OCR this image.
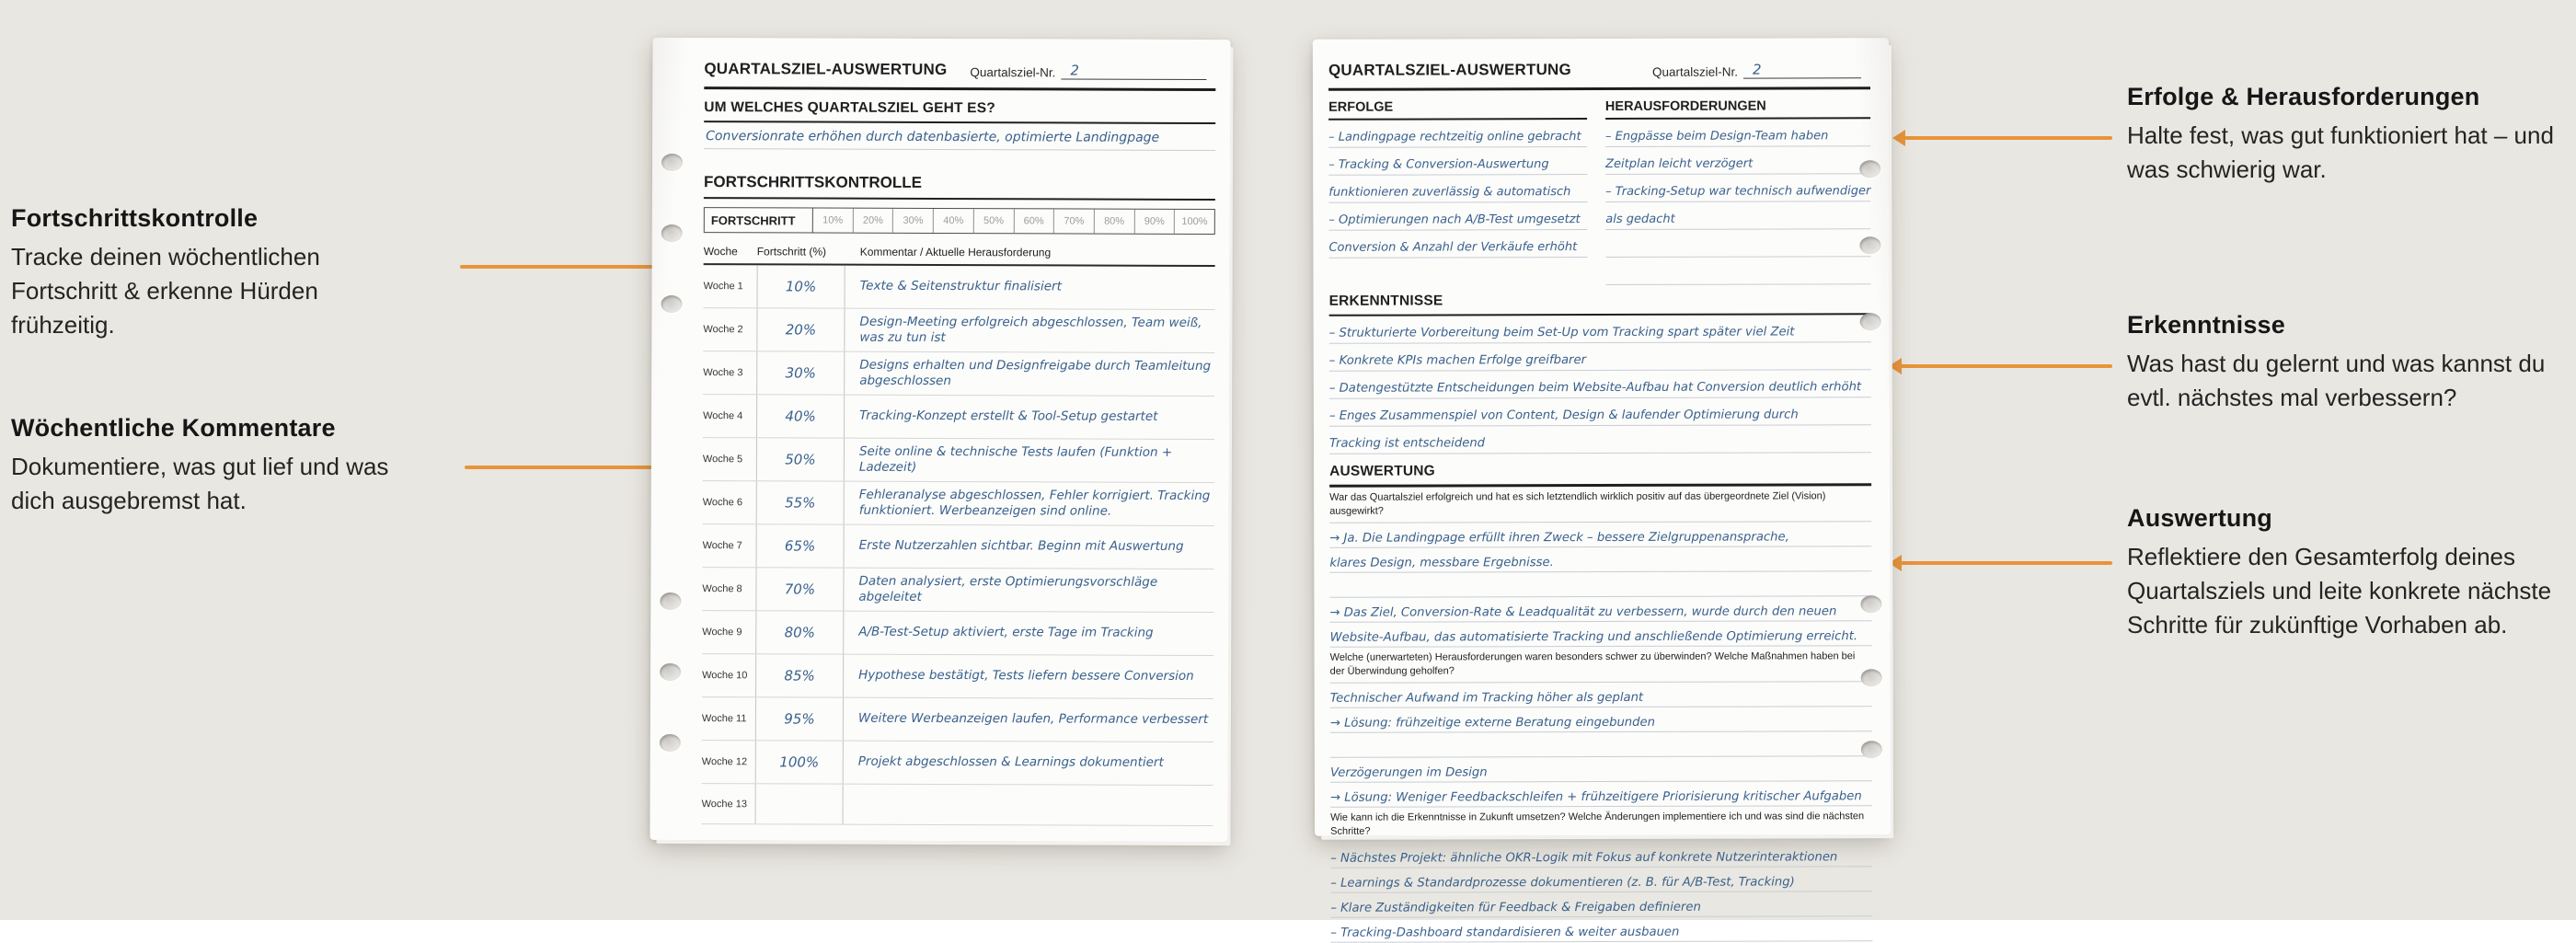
Fortschrittskontrolle

Tracke deinen wöchentlichen Fortschritt & erkenne Hürden frühzeitig.

Wöchentliche Kommentare

Dokumentiere, was gut lief und was dich ausgebremst hat.

Erfolge & Herausforderungen

Halte fest, was gut funktioniert hat – und was schwierig war.

Erkenntnisse

Was hast du gelernt und was kannst du evtl. nächstes mal verbessern?

Auswertung

Reflektiere den Gesamterfolg deines Quartalsziels und leite konkrete nächste Schritte für zukünftige Vorhaben ab.

QUARTALSZIEL-AUSWERTUNG Quartalsziel-Nr.	2
UM WELCHES QUARTALSZIEL GEHT ES?
Conversionrate erhöhen durch datenbasierte, optimierte Landingpage
FORTSCHRITTSKONTROLLE
FORTSCHRITT	10%	20%	30%	40%	50%	60%	70%	80%	90%	100%
Woche	Fortschritt (%)	Kommentar / Aktuelle Herausforderung
Woche 1	10%	Texte & Seitenstruktur finalisiert
Woche 2	20%	Design-Meeting erfolgreich abgeschlossen, Team weiß, was zu tun ist
Woche 3	30%	Designs erhalten und Designfreigabe durch Teamleitung abgeschlossen
Woche 4	40%	Tracking-Konzept erstellt & Tool-Setup gestartet
Woche 5	50%	Seite online & technische Tests laufen (Funktion + Ladezeit)
Woche 6	55%	Fehleranalyse abgeschlossen, Fehler korrigiert. Tracking funktioniert. Werbeanzeigen sind online.
Woche 7	65%	Erste Nutzerzahlen sichtbar. Beginn mit Auswertung
Woche 8	70%	Daten analysiert, erste Optimierungsvorschläge abgeleitet
Woche 9	80%	A/B-Test-Setup aktiviert, erste Tage im Tracking
Woche 10	85%	Hypothese bestätigt, Tests liefern bessere Conversion
Woche 11	95%	Weitere Werbeanzeigen laufen, Performance verbessert
Woche 12	100%	Projekt abgeschlossen & Learnings dokumentiert
Woche 13
QUARTALSZIEL-AUSWERTUNG	Quartalsziel-Nr.	2
ERFOLGE
– Landingpage rechtzeitig online gebracht
– Tracking & Conversion-Auswertung
funktionieren zuverlässig & automatisch
– Optimierungen nach A/B-Test umgesetzt
Conversion & Anzahl der Verkäufe erhöht
HERAUSFORDERUNGEN
– Engpässe beim Design-Team haben
Zeitplan leicht verzögert
– Tracking-Setup war technisch aufwendiger
als gedacht
ERKENNTNISSE
– Strukturierte Vorbereitung beim Set-Up vom Tracking spart später viel Zeit
– Konkrete KPIs machen Erfolge greifbarer
– Datengestützte Entscheidungen beim Website-Aufbau hat Conversion deutlich erhöht
– Enges Zusammenspiel von Content, Design & laufender Optimierung durch
Tracking ist entscheidend
AUSWERTUNG
War das Quartalsziel erfolgreich und hat es sich letztendlich wirklich positiv auf das übergeordnete Ziel (Vision) ausgewirkt?
→ Ja. Die Landingpage erfüllt ihren Zweck – bessere Zielgruppenansprache,
klares Design, messbare Ergebnisse.
→ Das Ziel, Conversion-Rate & Leadqualität zu verbessern, wurde durch den neuen
Website-Aufbau, das automatisierte Tracking und anschließende Optimierung erreicht.
Welche (unerwarteten) Herausforderungen waren besonders schwer zu überwinden? Welche Maßnahmen haben bei der Überwindung geholfen?
Technischer Aufwand im Tracking höher als geplant
→ Lösung: frühzeitige externe Beratung eingebunden
Verzögerungen im Design
→ Lösung: Weniger Feedbackschleifen + frühzeitigere Priorisierung kritischer Aufgaben
Wie kann ich die Erkenntnisse in Zukunft umsetzen? Welche Änderungen implementiere ich und was sind die nächsten Schritte?
– Nächstes Projekt: ähnliche OKR-Logik mit Fokus auf konkrete Nutzerinteraktionen
– Learnings & Standardprozesse dokumentieren (z. B. für A/B-Test, Tracking)
– Klare Zuständigkeiten für Feedback & Freigaben definieren
– Tracking-Dashboard standardisieren & weiter ausbauen
